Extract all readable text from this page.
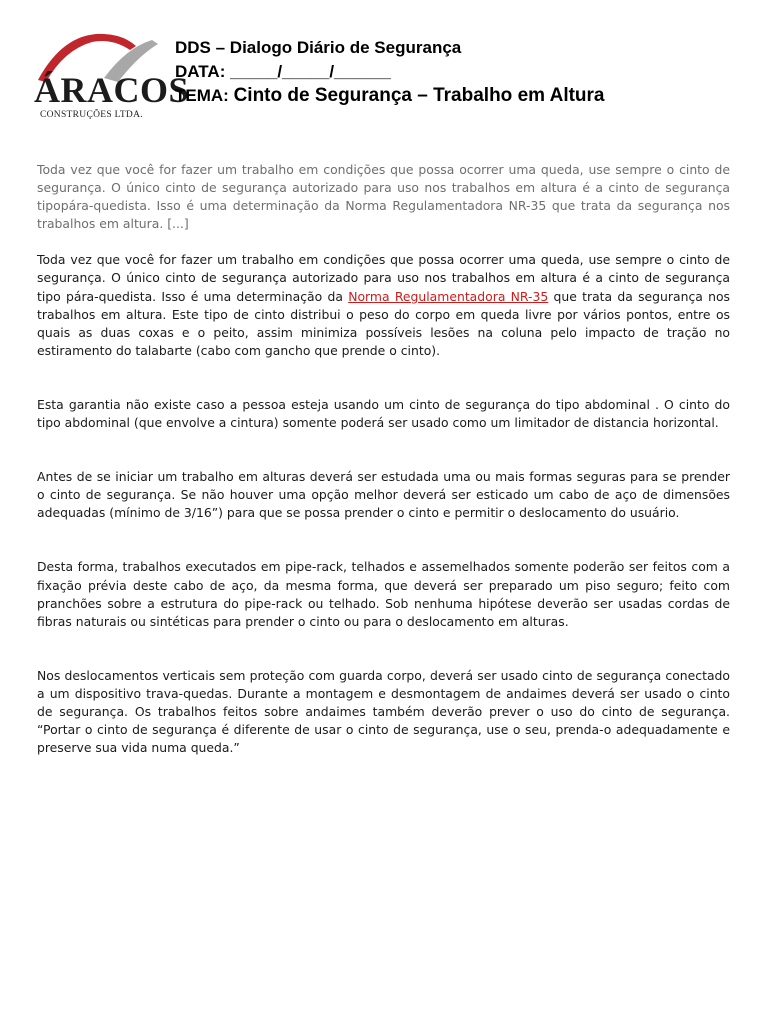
ÁRACOS
CONSTRUÇÕES LTDA.
DDS – Dialogo Diário de Segurança
DATA: _____/_____/______
TEMA: Cinto de Segurança – Trabalho em Altura

Toda vez que você for fazer um trabalho em condições que possa ocorrer uma queda, use sempre o cinto de segurança. O único cinto de segurança autorizado para uso nos trabalhos em altura é a cinto de segurança tipopára-quedista. Isso é uma determinação da Norma Regulamentadora NR-35 que trata da segurança nos trabalhos em altura. [...]

Toda vez que você for fazer um trabalho em condições que possa ocorrer uma queda, use sempre o cinto de segurança. O único cinto de segurança autorizado para uso nos trabalhos em altura é a cinto de segurança tipo pára-quedista. Isso é uma determinação da Norma Regulamentadora NR-35 que trata da segurança nos trabalhos em altura. Este tipo de cinto distribui o peso do corpo em queda livre por vários pontos, entre os quais as duas coxas e o peito, assim minimiza possíveis lesões na coluna pelo impacto de tração no estiramento do talabarte (cabo com gancho que prende o cinto).

Esta garantia não existe caso a pessoa esteja usando um cinto de segurança do tipo abdominal . O cinto do tipo abdominal (que envolve a cintura) somente poderá ser usado como um limitador de distancia horizontal.

Antes de se iniciar um trabalho em alturas deverá ser estudada uma ou mais formas seguras para se prender o cinto de segurança. Se não houver uma opção melhor deverá ser esticado um cabo de aço de dimensões adequadas (mínimo de 3/16”) para que se possa prender o cinto e permitir o deslocamento do usuário.

Desta forma, trabalhos executados em pipe-rack, telhados e assemelhados somente poderão ser feitos com a fixação prévia deste cabo de aço, da mesma forma, que deverá ser preparado um piso seguro; feito com pranchões sobre a estrutura do pipe-rack ou telhado. Sob nenhuma hipótese deverão ser usadas cordas de fibras naturais ou sintéticas para prender o cinto ou para o deslocamento em alturas.

Nos deslocamentos verticais sem proteção com guarda corpo, deverá ser usado cinto de segurança conectado a um dispositivo trava-quedas. Durante a montagem e desmontagem de andaimes deverá ser usado o cinto de segurança. Os trabalhos feitos sobre andaimes também deverão prever o uso do cinto de segurança. “Portar o cinto de segurança é diferente de usar o cinto de segurança, use o seu, prenda-o adequadamente e preserve sua vida numa queda.”
